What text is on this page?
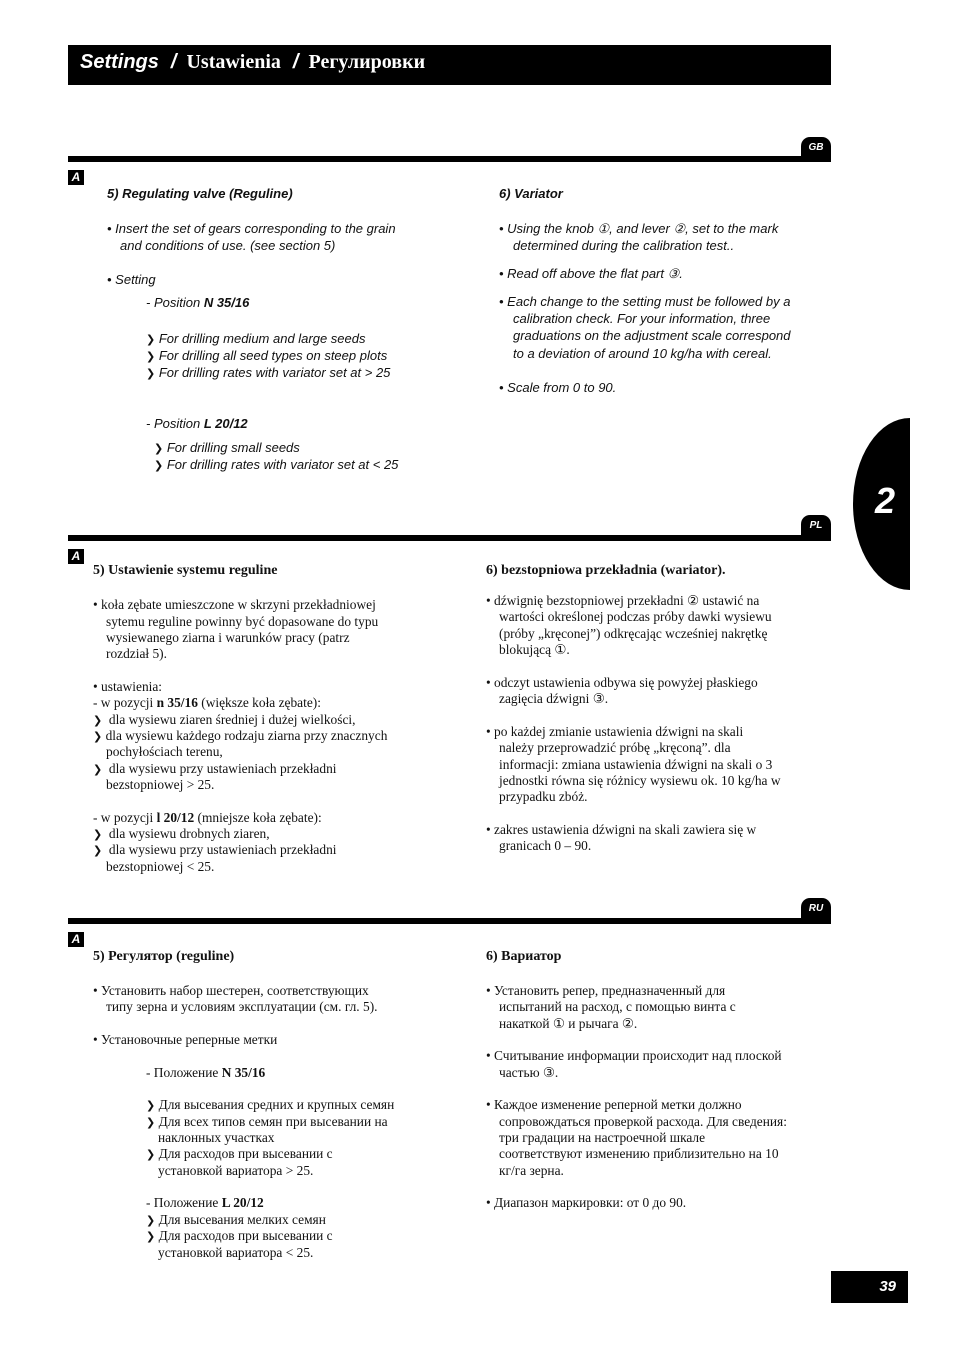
Settings / Ustawienia / Регулировки
2
GB
A
5) Regulating valve (Reguline)
• Insert the set of gears corresponding to the grain
and conditions of use. (see section 5)
• Setting
- Position N 35/16
❯ For drilling medium and large seeds
❯ For drilling all seed types on steep plots
❯ For drilling rates with variator set at > 25
- Position L 20/12
❯ For drilling small seeds
❯ For drilling rates with variator set at < 25
6) Variator
• Using the knob ①, and lever ②, set to the mark
determined during the calibration test..
• Read off above the flat part ③.
• Each change to the setting must be followed by a
calibration check. For your information, three
graduations on the adjustment scale correspond
to a deviation of around 10 kg/ha with cereal.
• Scale from 0 to 90.
PL
A
5) Ustawienie systemu reguline
• koła zębate umieszczone w skrzyni przekładniowej
sytemu reguline powinny być dopasowane do typu
wysiewanego ziarna i warunków pracy (patrz
rozdział 5).
• ustawienia:
- w pozycji n 35/16 (większe koła zębate):
❯ dla wysiewu ziaren średniej i dużej wielkości,
❯ dla wysiewu każdego rodzaju ziarna przy znacznych
pochyłościach terenu,
❯ dla wysiewu przy ustawieniach przekładni
bezstopniowej > 25.
- w pozycji l 20/12 (mniejsze koła zębate):
❯ dla wysiewu drobnych ziaren,
❯ dla wysiewu przy ustawieniach przekładni
bezstopniowej < 25.
6) bezstopniowa przekładnia (wariator).
• dźwignię bezstopniowej przekładni ② ustawić na
wartości określonej podczas próby dawki wysiewu
(próby „kręconej”) odkręcając wcześniej nakrętkę
blokującą ①.
• odczyt ustawienia odbywa się powyżej płaskiego
zagięcia dźwigni ③.
• po każdej zmianie ustawienia dźwigni na skali
należy przeprowadzić próbę „kręconą”. dla
informacji: zmiana ustawienia dźwigni na skali o 3
jednostki równa się różnicy wysiewu ok. 10 kg/ha w
przypadku zbóż.
• zakres ustawienia dźwigni na skali zawiera się w
granicach 0 – 90.
RU
A
5) Регулятор (reguline)
• Установить набор шестерен, соответствующих
типу зерна и условиям эксплуатации (см. гл. 5).
• Установочные реперные метки
- Положение N 35/16
❯ Для высевания средних и крупных семян
❯ Для всех типов семян при высевании на
наклонных участках
❯ Для расходов при высевании с
установкой вариатора > 25.
- Положение L 20/12
❯ Для высевания мелких семян
❯ Для расходов при высевании с
установкой вариатора < 25.
6) Вариатор
• Установить репер, предназначенный для
испытаний на расход, с помощью винта с
накаткой ① и рычага ②.
• Считывание информации происходит над плоской
частью ③.
• Каждое изменение реперной метки должно
сопровождаться проверкой расхода. Для сведения:
три градации на настроечной шкале
соответствуют изменению приблизительно на 10
кг/га зерна.
• Диапазон маркировки: от 0 до 90.
39
